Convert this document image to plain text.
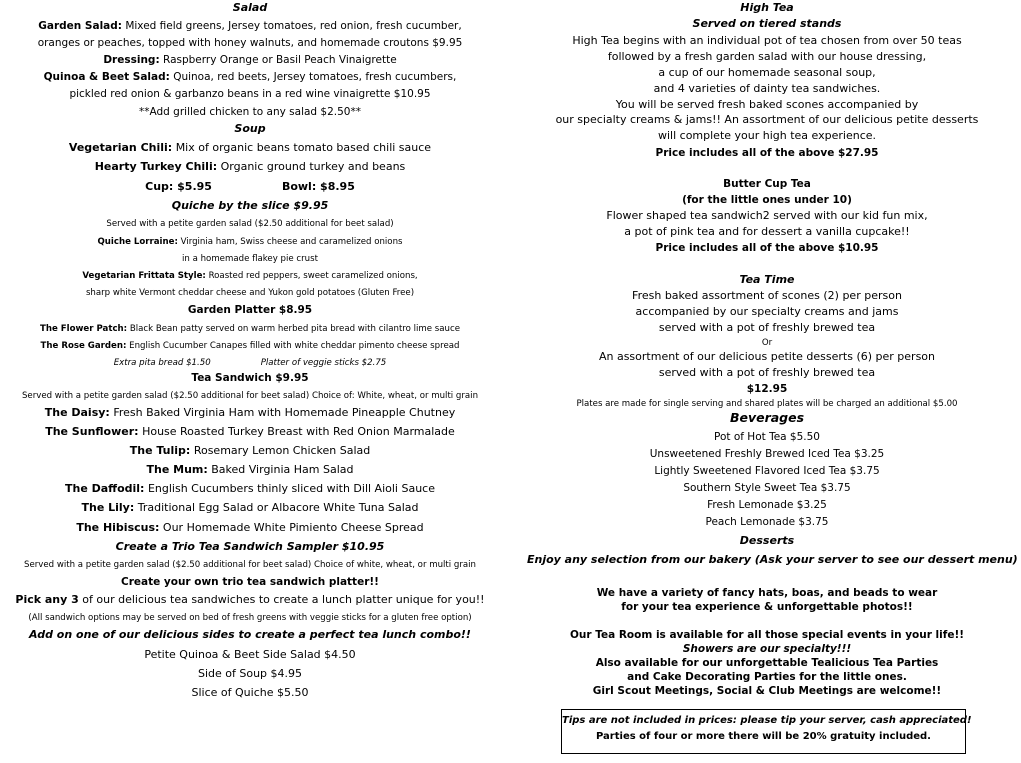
Salad
Garden Salad: Mixed field greens, Jersey tomatoes, red onion, fresh cucumber,
oranges or peaches, topped with honey walnuts, and homemade croutons $9.95
Dressing: Raspberry Orange or Basil Peach Vinaigrette
Quinoa & Beet Salad: Quinoa, red beets, Jersey tomatoes, fresh cucumbers,
pickled red onion & garbanzo beans in a red wine vinaigrette $10.95
**Add grilled chicken to any salad $2.50**
Soup
Vegetarian Chili: Mix of organic beans tomato based chili sauce
Hearty Turkey Chili: Organic ground turkey and beans
Cup: $5.95	Bowl: $8.95
Quiche by the slice $9.95
Served with a petite garden salad ($2.50 additional for beet salad)
Quiche Lorraine: Virginia ham, Swiss cheese and caramelized onions
in a homemade flakey pie crust
Vegetarian Frittata Style: Roasted red peppers, sweet caramelized onions,
sharp white Vermont cheddar cheese and Yukon gold potatoes (Gluten Free)
Garden Platter $8.95
The Flower Patch: Black Bean patty served on warm herbed pita bread with cilantro lime sauce
The Rose Garden: English Cucumber Canapes filled with white cheddar pimento cheese spread
Extra pita bread $1.50	Platter of veggie sticks $2.75
Tea Sandwich $9.95
Served with a petite garden salad ($2.50 additional for beet salad) Choice of: White, wheat, or multi grain
The Daisy: Fresh Baked Virginia Ham with Homemade Pineapple Chutney
The Sunflower: House Roasted Turkey Breast with Red Onion Marmalade
The Tulip: Rosemary Lemon Chicken Salad
The Mum: Baked Virginia Ham Salad
The Daffodil: English Cucumbers thinly sliced with Dill Aioli Sauce
The Lily: Traditional Egg Salad or Albacore White Tuna Salad
The Hibiscus: Our Homemade White Pimiento Cheese Spread
Create a Trio Tea Sandwich Sampler $10.95
Served with a petite garden salad ($2.50 additional for beet salad) Choice of white, wheat, or multi grain
Create your own trio tea sandwich platter!!
Pick any 3 of our delicious tea sandwiches to create a lunch platter unique for you!!
(All sandwich options may be served on bed of fresh greens with veggie sticks for a gluten free option)
Add on one of our delicious sides to create a perfect tea lunch combo!!
Petite Quinoa & Beet Side Salad $4.50
Side of Soup $4.95
Slice of Quiche $5.50
High Tea
Served on tiered stands
High Tea begins with an individual pot of tea chosen from over 50 teas
followed by a fresh garden salad with our house dressing,
a cup of our homemade seasonal soup,
and 4 varieties of dainty tea sandwiches.
You will be served fresh baked scones accompanied by
our specialty creams & jams!! An assortment of our delicious petite desserts
will complete your high tea experience.
Price includes all of the above $27.95
Butter Cup Tea
(for the little ones under 10)
Flower shaped tea sandwich2 served with our kid fun mix,
a pot of pink tea and for dessert a vanilla cupcake!!
Price includes all of the above $10.95
Tea Time
Fresh baked assortment of scones (2) per person
accompanied by our specialty creams and jams
served with a pot of freshly brewed tea
Or
An assortment of our delicious petite desserts (6) per person
served with a pot of freshly brewed tea
$12.95
Plates are made for single serving and shared plates will be charged an additional $5.00
Beverages
Pot of Hot Tea $5.50
Unsweetened Freshly Brewed Iced Tea $3.25
Lightly Sweetened Flavored Iced Tea $3.75
Southern Style Sweet Tea $3.75
Fresh Lemonade $3.25
Peach Lemonade $3.75
Desserts
Enjoy any selection from our bakery (Ask your server to see our dessert menu)
We have a variety of fancy hats, boas, and beads to wear
for your tea experience & unforgettable photos!!
Our Tea Room is available for all those special events in your life!!
Showers are our specialty!!!
Also available for our unforgettable Tealicious Tea Parties
and Cake Decorating Parties for the little ones.
Girl Scout Meetings, Social & Club Meetings are welcome!!
Tips are not included in prices: please tip your server, cash appreciated!
Parties of four or more there will be 20% gratuity included.
